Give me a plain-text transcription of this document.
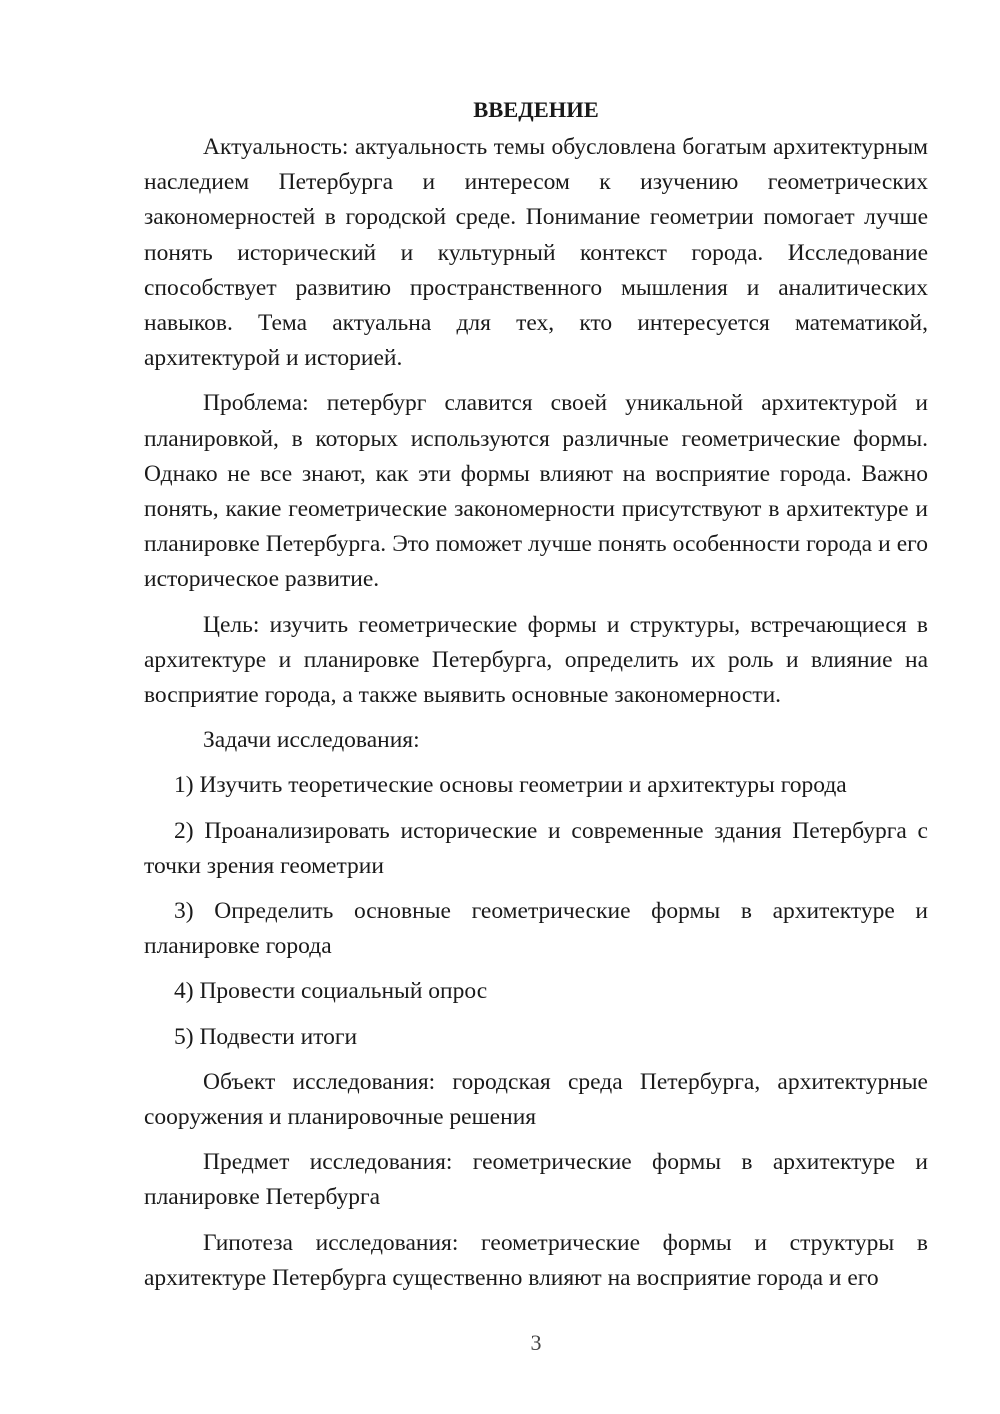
ВВЕДЕНИЕ

Актуальность: актуальность темы обусловлена богатым архитектурным наследием Петербурга и интересом к изучению геометрических закономерностей в городской среде. Понимание геометрии помогает лучше понять исторический и культурный контекст города. Исследование способствует развитию пространственного мышления и аналитических навыков. Тема актуальна для тех, кто интересуется математикой, архитектурой и историей.

Проблема: петербург славится своей уникальной архитектурой и планировкой, в которых используются различные геометрические формы. Однако не все знают, как эти формы влияют на восприятие города. Важно понять, какие геометрические закономерности присутствуют в архитектуре и планировке Петербурга. Это поможет лучше понять особенности города и его историческое развитие.

Цель: изучить геометрические формы и структуры, встречающиеся в архитектуре и планировке Петербурга, определить их роль и влияние на восприятие города, а также выявить основные закономерности.

Задачи исследования:

1) Изучить теоретические основы геометрии и архитектуры города

2) Проанализировать исторические и современные здания Петербурга с точки зрения геометрии

3) Определить основные геометрические формы в архитектуре и планировке города

4) Провести социальный опрос

5) Подвести итоги

Объект исследования: городская среда Петербурга, архитектурные сооружения и планировочные решения

Предмет исследования: геометрические формы в архитектуре и планировке Петербурга

Гипотеза исследования: геометрические формы и структуры в архитектуре Петербурга существенно влияют на восприятие города и его

3
